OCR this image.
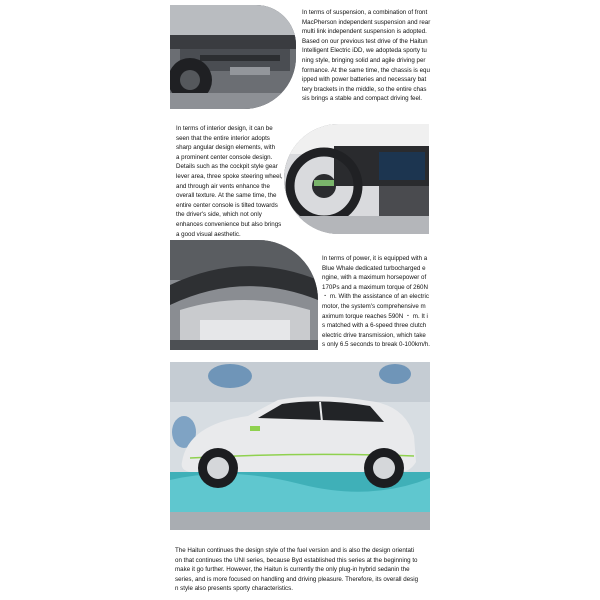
In terms of suspension, a combination of front
MacPherson independent suspension and rear
multi link independent suspension is adopted.
Based on our previous test drive of the Haitun
Intelligent Electric iDD, we adopteda sporty tu
ning style, bringing solid and agile driving per
formance. At the same time, the chassis is equ
ipped with power batteries and necessary bat
tery brackets in the middle, so the entire chas
sis brings a stable and compact driving feel.
In terms of interior design, it can be
seen that the entire interior adopts
sharp angular design elements, with
a prominent center console design.
Details such as the cockpit style gear
lever area, three spoke steering wheel,
and through air vents enhance the
overall texture. At the same time, the
entire center console is tilted towards
the driver's side, which not only
enhances convenience but also brings
a good visual aesthetic.
In terms of power, it is equipped with a
Blue Whale dedicated turbocharged e
ngine, with a maximum horsepower of
170Ps and a maximum torque of 260N
・ m. With the assistance of an electric
motor, the system's comprehensive m
aximum torque reaches 590N ・ m. It i
s matched with a 6-speed three clutch
electric drive transmission, which take
s only 6.5 seconds to break 0-100km/h.
The Haitun continues the design style of the fuel version and is also the design orientati
on that continues the UNI series, because Byd established this series at the beginning to
make it go further. However, the Haitun is currently the only plug-in hybrid sedanin the
series, and is more focused on handling and driving pleasure. Therefore, its overall desig
n style also presents sporty characteristics.
